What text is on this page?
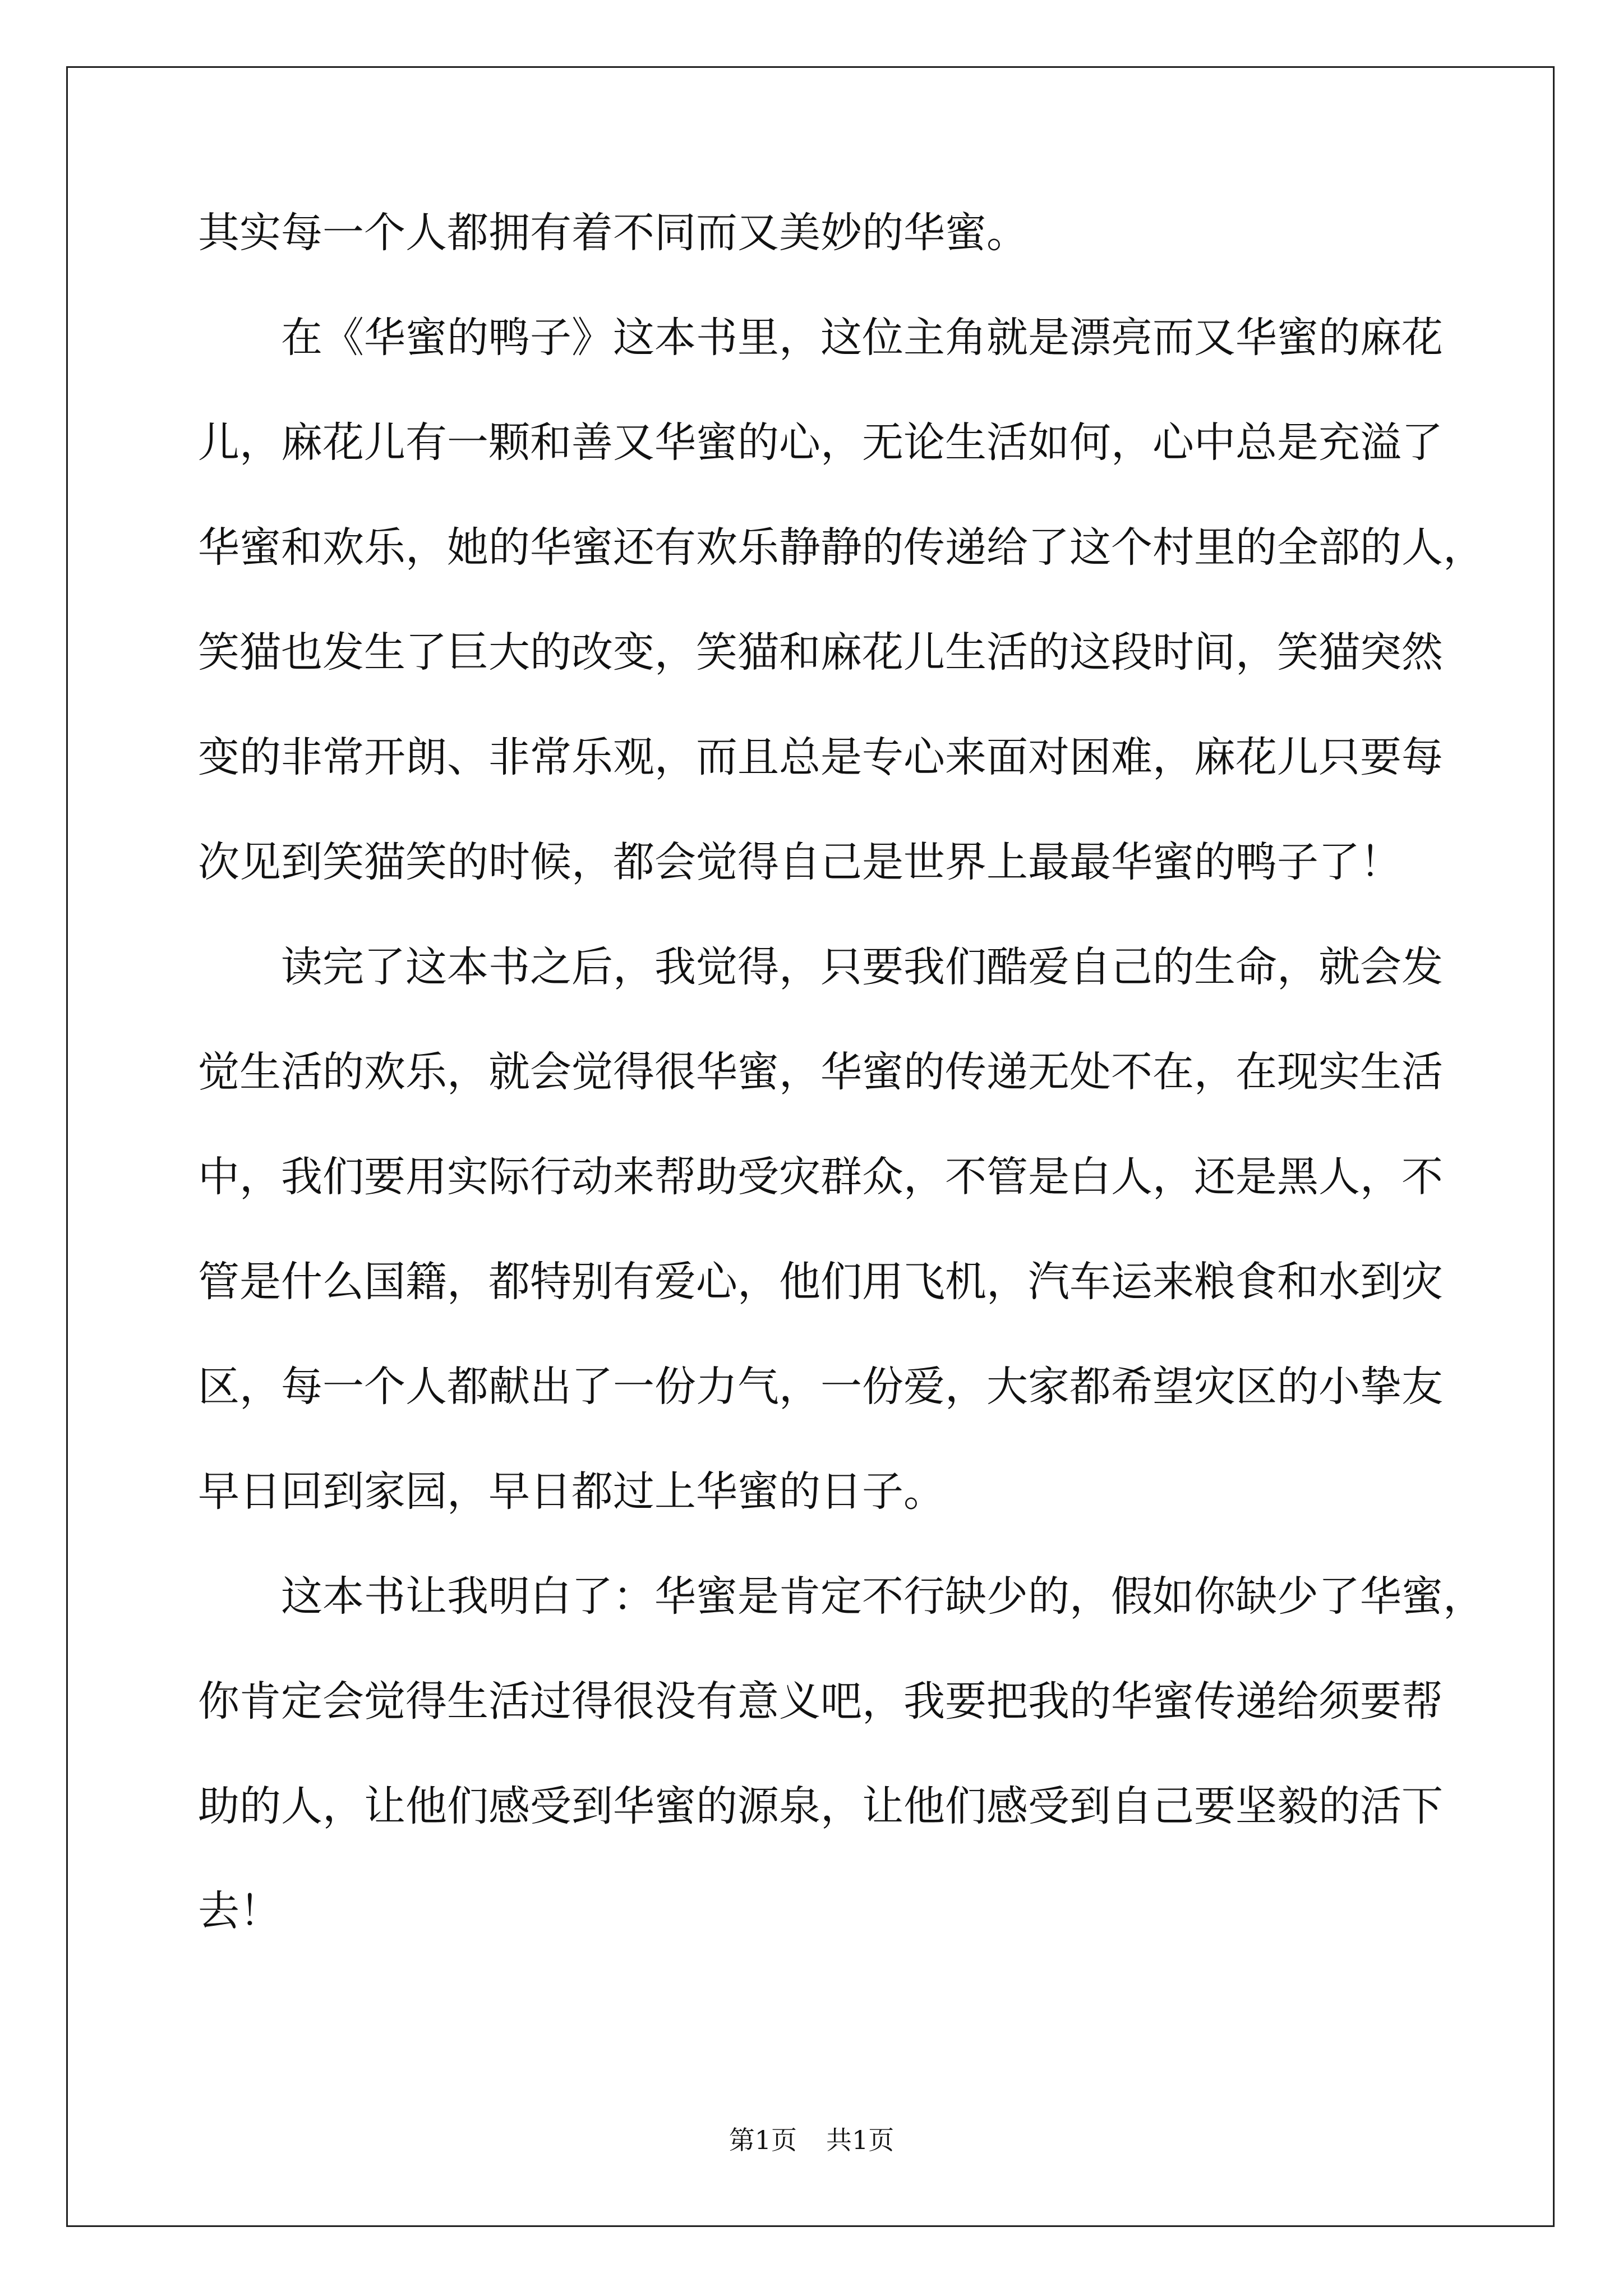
其实每一个人都拥有着不同而又美妙的华蜜。
在《华蜜的鸭子》这本书里，这位主角就是漂亮而又华蜜的麻花
儿，麻花儿有一颗和善又华蜜的心，无论生活如何，心中总是充溢了
华蜜和欢乐，她的华蜜还有欢乐静静的传递给了这个村里的全部的人，
笑猫也发生了巨大的改变，笑猫和麻花儿生活的这段时间，笑猫突然
变的非常开朗、非常乐观，而且总是专心来面对困难，麻花儿只要每
次见到笑猫笑的时候，都会觉得自己是世界上最最华蜜的鸭子了！
读完了这本书之后，我觉得，只要我们酷爱自己的生命，就会发
觉生活的欢乐，就会觉得很华蜜，华蜜的传递无处不在，在现实生活
中，我们要用实际行动来帮助受灾群众，不管是白人，还是黑人，不
管是什么国籍，都特别有爱心，他们用飞机，汽车运来粮食和水到灾
区，每一个人都献出了一份力气，一份爱，大家都希望灾区的小挚友
早日回到家园，早日都过上华蜜的日子。
这本书让我明白了：华蜜是肯定不行缺少的，假如你缺少了华蜜，
你肯定会觉得生活过得很没有意义吧，我要把我的华蜜传递给须要帮
助的人，让他们感受到华蜜的源泉，让他们感受到自己要坚毅的活下
去！
第1页 共1页
